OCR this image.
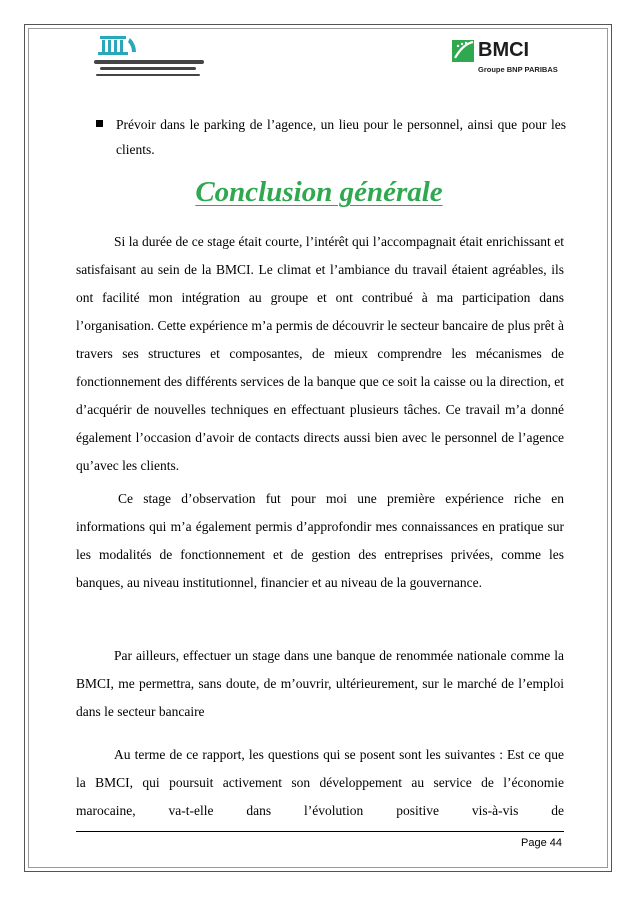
BMCI
Groupe BNP PARIBAS
Prévoir dans le parking de l’agence, un lieu pour le personnel, ainsi que pour les clients.
Conclusion générale

Si la durée de ce stage était courte, l’intérêt qui l’accompagnait était enrichissant et satisfaisant au sein de la BMCI. Le climat et l’ambiance du travail étaient agréables, ils ont facilité mon intégration au groupe et ont contribué à ma participation dans l’organisation. Cette expérience m’a permis de découvrir le secteur bancaire de plus prêt à travers ses structures et composantes, de mieux comprendre les mécanismes de fonctionnement des différents services de la banque que ce soit la caisse ou la direction, et d’acquérir de nouvelles techniques en effectuant plusieurs tâches. Ce travail m’a donné également l’occasion d’avoir de contacts directs aussi bien avec le personnel de l’agence qu’avec les clients.

Ce stage d’observation fut pour moi une première expérience riche en informations qui m’a également permis d’approfondir mes connaissances en pratique sur les modalités de fonctionnement et de gestion des entreprises privées, comme les banques, au niveau institutionnel, financier et au niveau de la gouvernance.

Par ailleurs, effectuer un stage dans une banque de renommée nationale comme la BMCI, me permettra, sans doute, de m’ouvrir, ultérieurement, sur le marché de l’emploi dans le secteur bancaire

Au terme de ce rapport, les questions qui se posent sont les suivantes : Est ce que la BMCI, qui poursuit activement son développement au service de l’économie marocaine, va-t-elle dans l’évolution positive vis-à-vis de

Page 44
